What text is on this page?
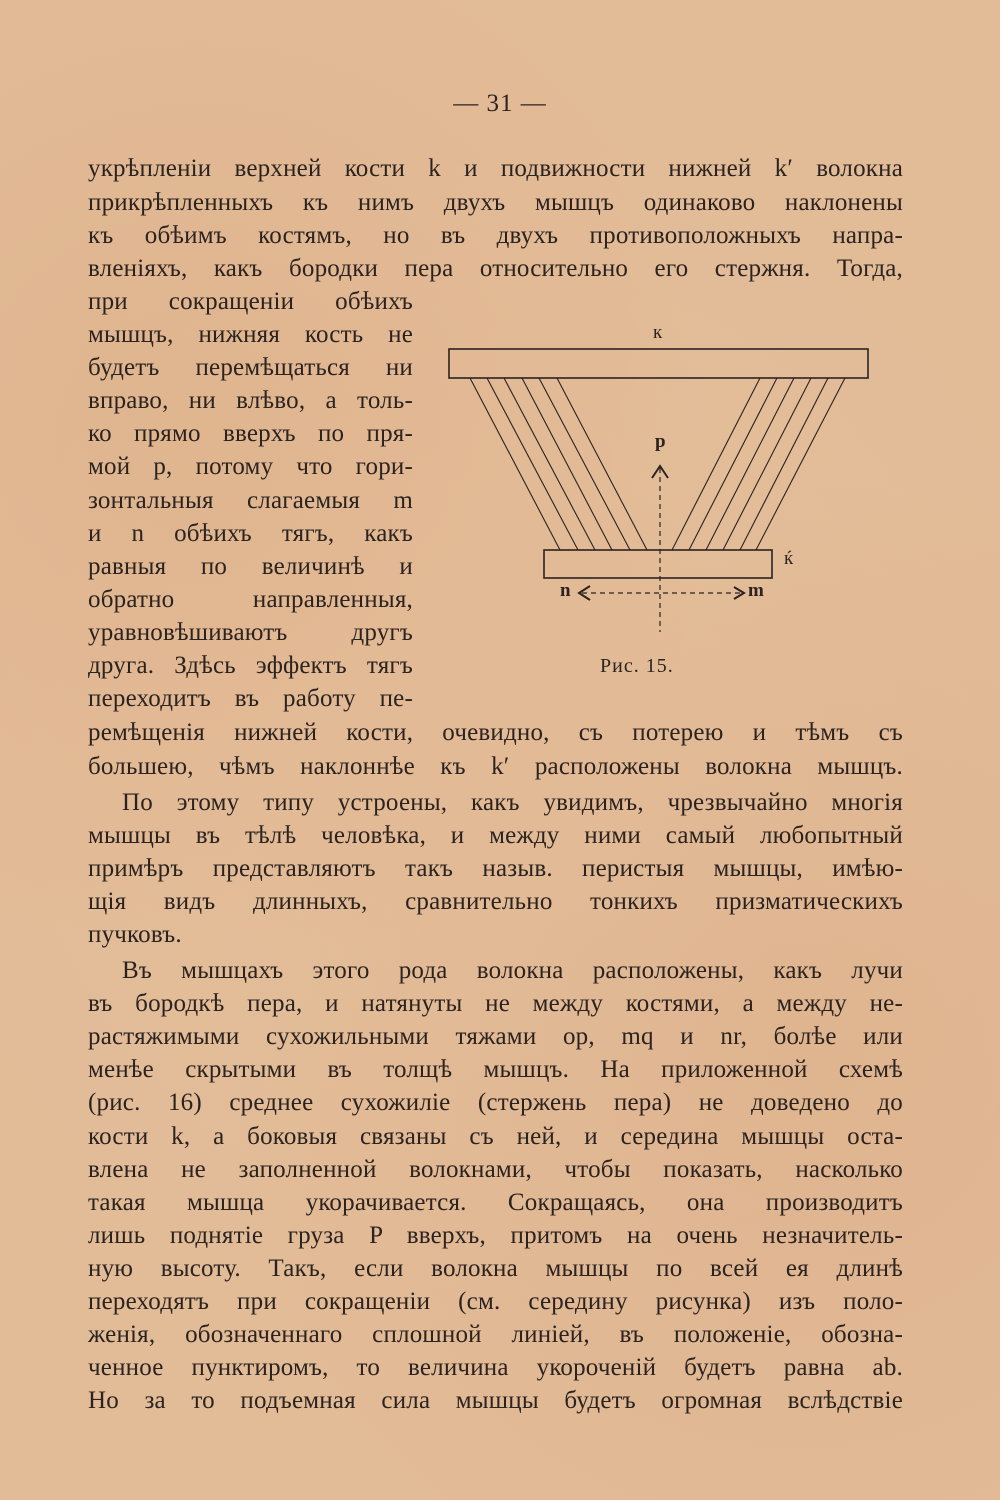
— 31 —
укрѣпленіи верхней кости k и подвижности нижней k′ волокна
прикрѣпленныхъ къ нимъ двухъ мышцъ одинаково наклонены
къ обѣимъ костямъ, но въ двухъ противоположныхъ напра-
вленіяхъ, какъ бородки пера относительно его стержня. Тогда,
при сокращеніи обѣихъ
мышцъ, нижняя кость не
будетъ перемѣщаться ни
вправо, ни влѣво, а толь-
ко прямо вверхъ по пря-
мой p, потому что гори-
зонтальныя слагаемыя m
и n обѣихъ тягъ, какъ
равныя по величинѣ и
обратно направленныя,
уравновѣшиваютъ другъ
друга. Здѣсь эффектъ тягъ
переходитъ въ работу пе-
к
ќ
p
n	m
Рис. 15.
ремѣщенія нижней кости, очевидно, съ потерею и тѣмъ съ
большею, чѣмъ наклоннѣе къ k′ расположены волокна мышцъ.
По этому типу устроены, какъ увидимъ, чрезвычайно многія
мышцы въ тѣлѣ человѣка, и между ними самый любопытный
примѣръ представляютъ такъ назыв. перистыя мышцы, имѣю-
щія видъ длинныхъ, сравнительно тонкихъ призматическихъ
пучковъ.
Въ мышцахъ этого рода волокна расположены, какъ лучи
въ бородкѣ пера, и натянуты не между костями, а между не-
растяжимыми сухожильными тяжами op, mq и nr, болѣе или
менѣе скрытыми въ толщѣ мышцъ. На приложенной схемѣ
(рис. 16) среднее сухожиліе (стержень пера) не доведено до
кости k, а боковыя связаны съ ней, и середина мышцы оста-
влена не заполненной волокнами, чтобы показать, насколько
такая мышца укорачивается. Сокращаясь, она производитъ
лишь поднятіе груза P вверхъ, притомъ на очень незначитель-
ную высоту. Такъ, если волокна мышцы по всей ея длинѣ
переходятъ при сокращеніи (см. середину рисунка) изъ поло-
женія, обозначеннаго сплошной линіей, въ положеніе, обозна-
ченное пунктиромъ, то величина укороченій будетъ равна ab.
Но за то подъемная сила мышцы будетъ огромная вслѣдствіе
